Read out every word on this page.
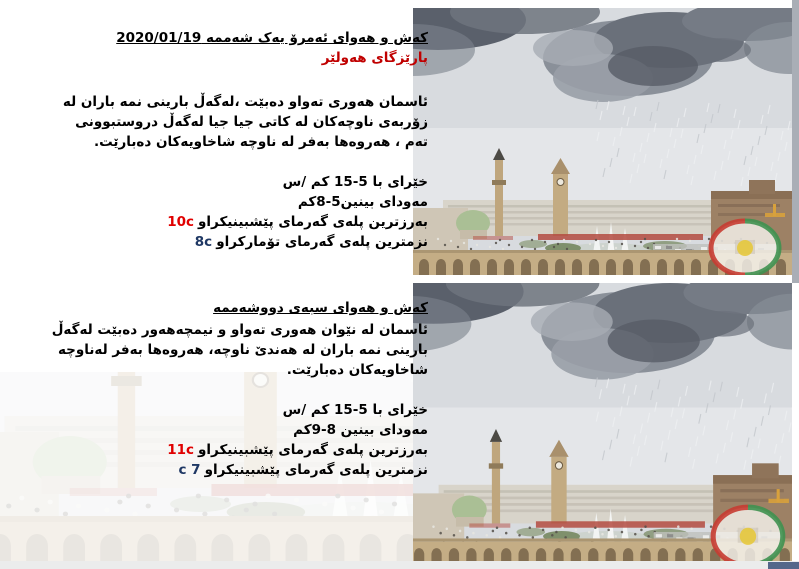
كەش و هەوای ئەمرۆ یەک شەممە 2020/01/19
پارێزگای هەولێر
ئاسمان هەوری تەواو دەبێت ،لەگەڵ بارینی نمە باران لە زۆربەی ناوچەکان لە کاتی جیا جیا لەگەڵ دروستبوونی تەم ، هەروەها بەفر لە ناوچە شاخاویەکان دەبارێت.
خێرای با 5-15 کم /س
مەودای بینین5-8کم
بەرزترین پلەی گەرمای پێشبینیکراو10c
نزمترین پلەی گەرمای تۆمارکراو8c
كەش و هەوای سبەی دووشەممە
ئاسمان لە نێوان هەوری تەواو و نیمچەهەور دەبێت لەگەڵ بارینی نمە باران لە هەندێ ناوچە، هەروەها بەفر لەناوچە شاخاویەکان دەبارێت.
خێرای با 5-15 کم /س
مەودای بینین 8-9کم
بەرزترین پلەی گەرمای پێشبینیکراو11c
نزمترین پلەی گەرمای پێشبینیکراو7 c
